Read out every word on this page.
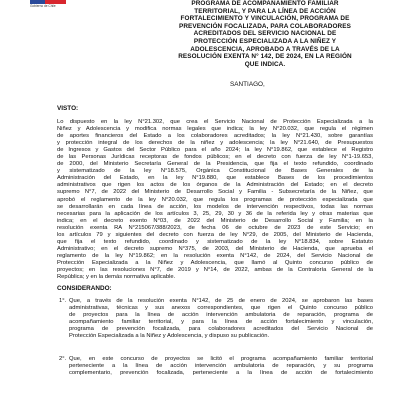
Gobierno de Chile	PROGRAMA DE ACOMPAÑAMIENTO FAMILIAR
TERRITORIAL, Y PARA LA LÍNEA DE ACCIÓN
FORTALECIMIENTO Y VINCULACIÓN, PROGRAMA DE
PREVENCIÓN FOCALIZADA, PARA COLABORADORES
ACREDITADOS DEL SERVICIO NACIONAL DE
PROTECCIÓN ESPECIALIZADA A LA NIÑEZ Y
ADOLESCENCIA, APROBADO A TRAVÉS DE LA
RESOLUCIÓN EXENTA N° 142, DE 2024, EN LA REGIÓN
QUE INDICA.
SANTIAGO,
VISTO:
Lo dispuesto en la ley N°21.302, que crea el Servicio Nacional de Protección Especializada a la
Niñez y Adolescencia y modifica normas legales que indica; la ley N°20.032, que regula el régimen
de aportes financieros del Estado a los colaboradores acreditados; la ley N°21.430, sobre garantías
y protección integral de los derechos de la niñez y adolescencia; la ley N°21.640, de Presupuestos
de Ingresos y Gastos del Sector Público para el año 2024; la ley N°19.862, que establece el Registro
de las Personas Jurídicas receptoras de fondos públicos; en el decreto con fuerza de ley N°1-19.653,
de 2000, del Ministerio Secretaría General de la Presidencia, que fija el texto refundido, coordinado
y sistematizado de la ley N°18.575, Orgánica Constitucional de Bases Generales de la
Administración del Estado, en la ley N°19.880, que establece Bases de los procedimientos
administrativos que rigen los actos de los órganos de la Administración del Estado; en el decreto
supremo N°7, de 2022 del Ministerio de Desarrollo Social y Familia - Subsecretaría de la Niñez, que
aprobó el reglamento de la ley N°20.032, que regula los programas de protección especializada que
se desarrollarán en cada línea de acción, los modelos de intervención respectivos, todas las normas
necesarias para la aplicación de los artículos 3, 25, 29, 30 y 36 de la referida ley y otras materias que
indica; en el decreto exento N°03, de 2022 del Ministerio de Desarrollo Social y Familia; en la
resolución exenta RA N°215067/388/2023, de fecha 06 de octubre de 2023 de este Servicio; en
los artículos 79 y siguientes del decreto con fuerza de ley N°29, de 2005, del Ministerio de Hacienda,
que fija el texto refundido, coordinado y sistematizado de la ley N°18.834, sobre Estatuto
Administrativo; en el decreto supremo N°375, de 2003, del Ministerio de Hacienda, que aprueba el
reglamento de la ley N°19.862; en la resolución exenta N°142, de 2024, del Servicio Nacional de
Protección Especializada a la Niñez y Adolescencia, que llamó al Quinto concurso público de
proyectos; en las resoluciones N°7, de 2019 y N°14, de 2022, ambas de la Contraloría General de la
República; y en la demás normativa aplicable.
CONSIDERANDO:
1°. Que, a través de la resolución exenta N°142, de 25 de enero de 2024, se aprobaron las bases
administrativas, técnicas y sus anexos correspondientes, que rigen el Quinto concurso público
de proyectos para la línea de acción intervención ambulatoria de reparación, programa de
acompañamiento familiar territorial, y para la línea de acción fortalecimiento y vinculación,
programa de prevención focalizada, para colaboradores acreditados del Servicio Nacional de
Protección Especializada a la Niñez y Adolescencia, y dispuso su publicación.
2°. Que, en este concurso de proyectos se licitó el programa acompañamiento familiar territorial
perteneciente a la línea de acción intervención ambulatoria de reparación, y su programa
complementario, prevención focalizada, perteneciente a la línea de acción de fortalecimiento
